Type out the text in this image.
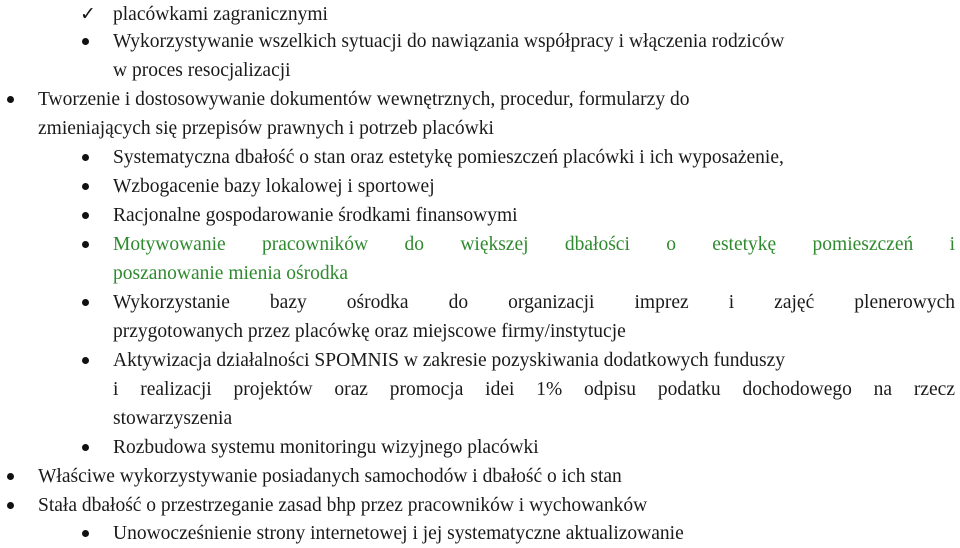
✓ placówkami zagranicznymi
Wykorzystywanie wszelkich sytuacji do nawiązania współpracy i włączenia rodziców
w proces resocjalizacji
Tworzenie i dostosowywanie dokumentów wewnętrznych, procedur, formularzy do
zmieniających się przepisów prawnych i potrzeb placówki
Systematyczna dbałość o stan oraz estetykę pomieszczeń placówki i ich wyposażenie,
Wzbogacenie bazy lokalowej i sportowej
Racjonalne gospodarowanie środkami finansowymi
Motywowanie pracowników do większej dbałości o estetykę pomieszczeń i
poszanowanie mienia ośrodka
Wykorzystanie bazy ośrodka do organizacji imprez i zajęć plenerowych
przygotowanych przez placówkę oraz miejscowe firmy/instytucje
Aktywizacja działalności SPOMNIS w zakresie pozyskiwania dodatkowych funduszy
i realizacji projektów oraz promocja idei 1% odpisu podatku dochodowego na rzecz
stowarzyszenia
Rozbudowa systemu monitoringu wizyjnego placówki
Właściwe wykorzystywanie posiadanych samochodów i dbałość o ich stan
Stała dbałość o przestrzeganie zasad bhp przez pracowników i wychowanków
Unowocześnienie strony internetowej i jej systematyczne aktualizowanie
